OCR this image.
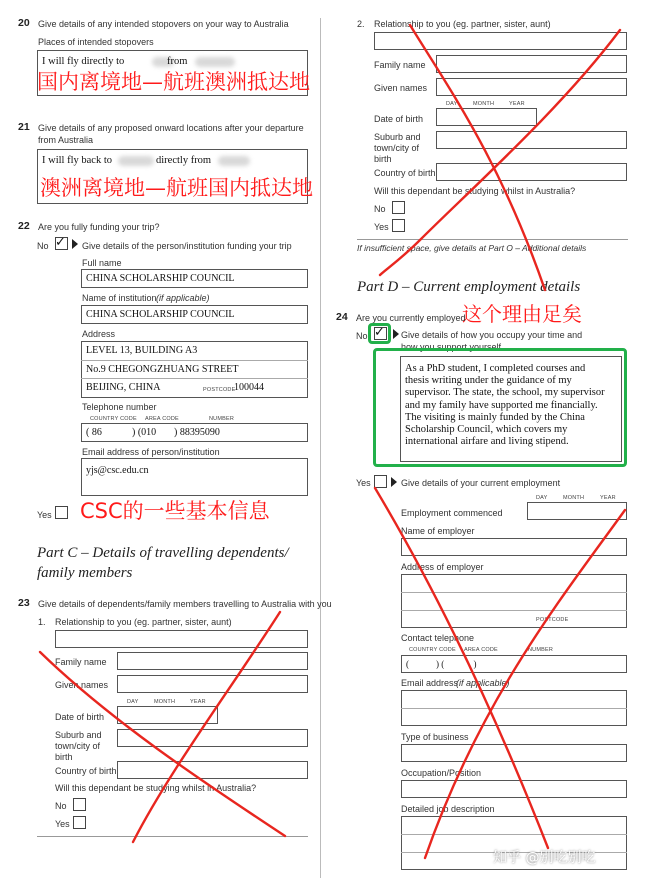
20 Give details of any intended stopovers on your way to Australia
Places of intended stopovers
I will fly directly to	from
国内离境地—航班澳洲抵达地
21 Give details of any proposed onward locations after your departure
from Australia
I will fly back to	directly from
澳洲离境地—航班国内抵达地
22 Are you fully funding your trip?
No ✓ Give details of the person/institution funding your trip
Full name
CHINA SCHOLARSHIP COUNCIL
Name of institution (if applicable)
CHINA SCHOLARSHIP COUNCIL
Address
LEVEL 13, BUILDING A3
No.9 CHEGONGZHUANG STREET
BEIJING, CHINA	POSTCODE
100044
Telephone number
COUNTRY CODE AREA CODE	NUMBER
( 86	) (010 ) 88395090
Email address of person/institution
yjs@csc.edu.cn
Yes CSC的一些基本信息
Part C – Details of travelling dependents/
family members
23 Give details of dependents/family members travelling to Australia with you
1. Relationship to you (eg. partner, sister, aunt)
Family name
Given names
DAY	MONTH	YEAR
Date of birth
Suburb and
town/city of
birth
Country of birth
Will this dependant be studying whilst in Australia?
No
Yes
2. Relationship to you (eg. partner, sister, aunt)
Family name
Given names
DAY	MONTH	YEAR
Date of birth
Suburb and
town/city of
birth
Country of birth
Will this dependant be studying whilst in Australia?
No
Yes
If insufficient space, give details at Part O – Additional details
Part D – Current employment details
这个理由足矣
24 Are you currently employed
No ✓ Give details of how you occupy your time and
how you support yourself
As a PhD student, I completed courses and
thesis writing under the guidance of my
supervisor. The state, the school, my supervisor
and my family have supported me financially.
The visiting is mainly funded by the China
Scholarship Council, which covers my
international airfare and living stipend.
Yes	Give details of your current employment
MONTH	YEAR
DAY
Employment commenced
Name of employer
Address of employer
POSTCODE
Contact telephone
COUNTRY CODE AREA CODE	NUMBER
(            ) (             )
Email address
(if applicable)
Type of business
Occupation/Position
Detailed job description
知乎 @别吃别吃
